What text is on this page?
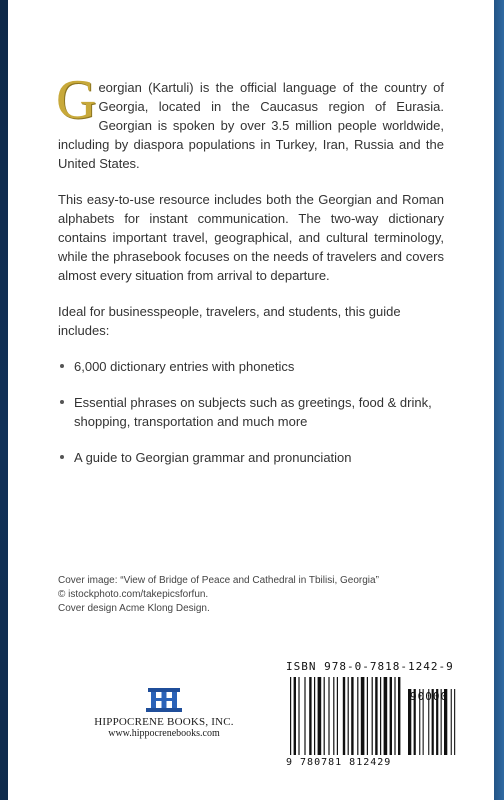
Georgian (Kartuli) is the official language of the country of Georgia, located in the Caucasus region of Eurasia. Georgian is spoken by over 3.5 million people worldwide, including by diaspora populations in Turkey, Iran, Russia and the United States.
This easy-to-use resource includes both the Georgian and Roman alphabets for instant communication. The two-way dictionary contains important travel, geographical, and cultural terminology, while the phrasebook focuses on the needs of travelers and covers almost every situation from arrival to departure.
Ideal for businesspeople, travelers, and students, this guide includes:
6,000 dictionary entries with phonetics
Essential phrases on subjects such as greetings, food & drink, shopping, transportation and much more
A guide to Georgian grammar and pronunciation
Cover image: “View of Bridge of Peace and Cathedral in Tbilisi, Georgia”
© istockphoto.com/takepicsforfun.
Cover design Acme Klong Design.
HIPPOCRENE BOOKS, INC.
www.hippocrenebooks.com
ISBN 978-0-7818-1242-9
90000
9 780781 812429
